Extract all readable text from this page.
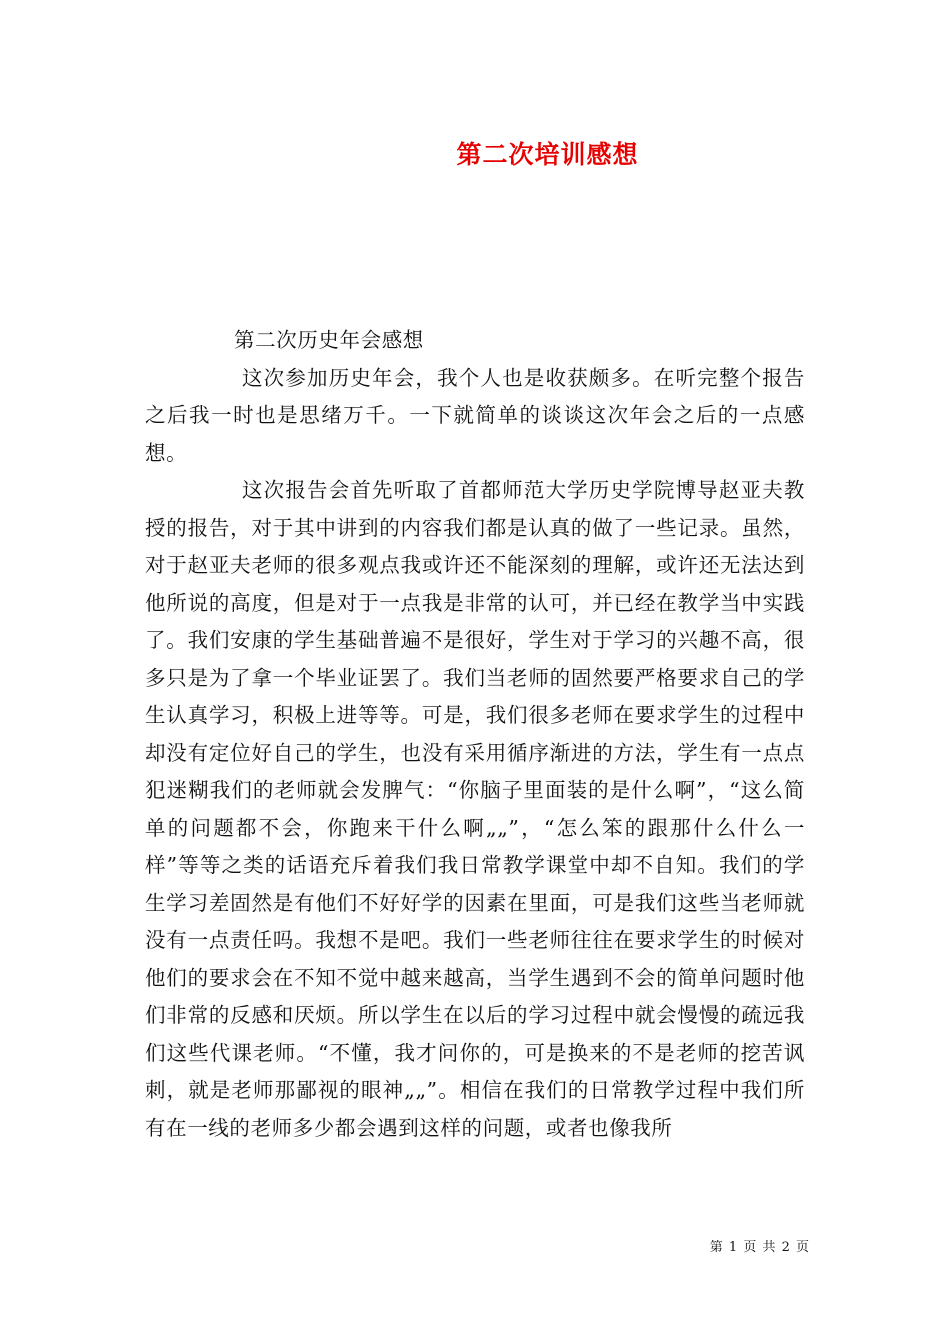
第二次培训感想

第二次历史年会感想

这次参加历史年会，我个人也是收获颇多。在听完整个报告之后我一时也是思绪万千。一下就简单的谈谈这次年会之后的一点感想。

这次报告会首先听取了首都师范大学历史学院博导赵亚夫教授的报告，对于其中讲到的内容我们都是认真的做了一些记录。虽然，对于赵亚夫老师的很多观点我或许还不能深刻的理解，或许还无法达到他所说的高度，但是对于一点我是非常的认可，并已经在教学当中实践了。我们安康的学生基础普遍不是很好，学生对于学习的兴趣不高，很多只是为了拿一个毕业证罢了。我们当老师的固然要严格要求自己的学生认真学习，积极上进等等。可是，我们很多老师在要求学生的过程中却没有定位好自己的学生，也没有采用循序渐进的方法，学生有一点点犯迷糊我们的老师就会发脾气：“你脑子里面装的是什么啊”，“这么简单的问题都不会，你跑来干什么啊„„”，“怎么笨的跟那什么什么一样”等等之类的话语充斥着我们我日常教学课堂中却不自知。我们的学生学习差固然是有他们不好好学的因素在里面，可是我们这些当老师就没有一点责任吗。我想不是吧。我们一些老师往往在要求学生的时候对他们的要求会在不知不觉中越来越高，当学生遇到不会的简单问题时他们非常的反感和厌烦。所以学生在以后的学习过程中就会慢慢的疏远我们这些代课老师。“不懂，我才问你的，可是换来的不是老师的挖苦讽刺，就是老师那鄙视的眼神„„”。相信在我们的日常教学过程中我们所有在一线的老师多少都会遇到这样的问题，或者也像我所

第 1 页 共 2 页
